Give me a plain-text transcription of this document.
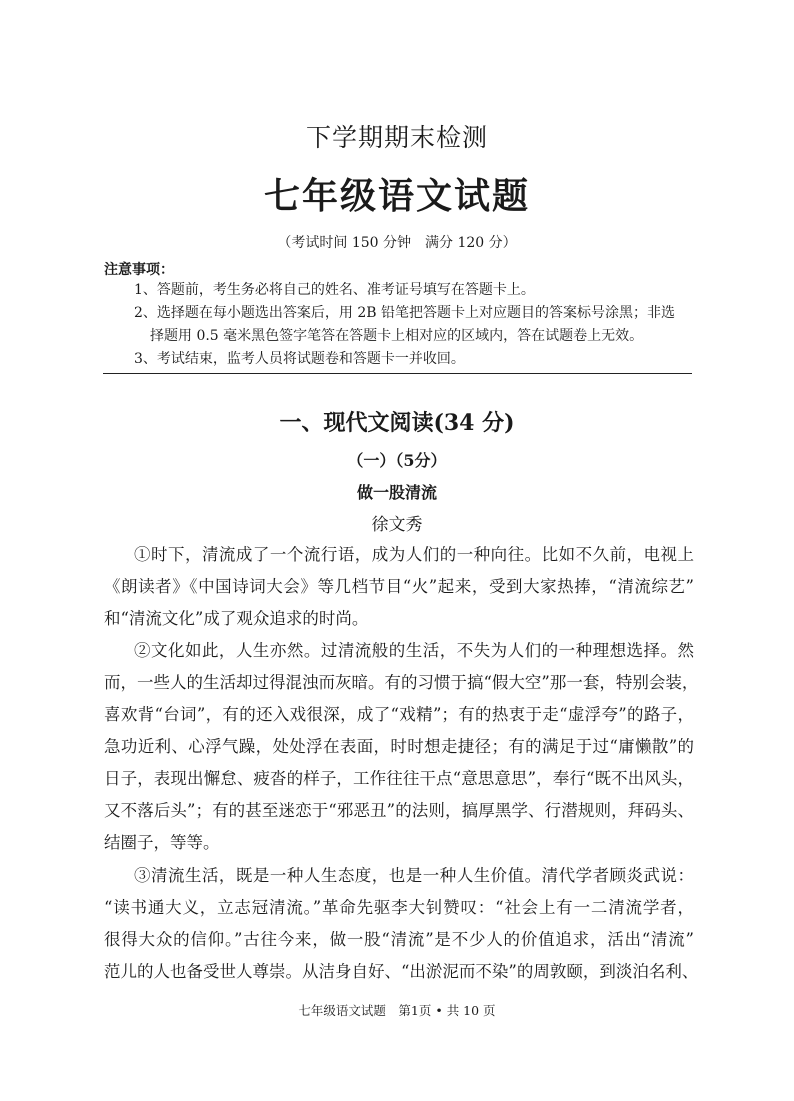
下学期期末检测
七年级语文试题
（考试时间 150 分钟　满分 120 分）
注意事项：
1、答题前，考生务必将自己的姓名、准考证号填写在答题卡上。
2、选择题在每小题选出答案后，用 2B 铅笔把答题卡上对应题目的答案标号涂黑；非选
择题用 0.5 毫米黑色签字笔答在答题卡上相对应的区域内，答在试题卷上无效。
3、考试结束，监考人员将试题卷和答题卡一并收回。
一、现代文阅读(34 分)
（一）（5分）
做一股清流
徐文秀
①时下，清流成了一个流行语，成为人们的一种向往。比如不久前，电视上
《朗读者》《中国诗词大会》等几档节目“火”起来，受到大家热捧，“清流综艺”
和“清流文化”成了观众追求的时尚。
②文化如此，人生亦然。过清流般的生活，不失为人们的一种理想选择。然
而，一些人的生活却过得混浊而灰暗。有的习惯于搞“假大空”那一套，特别会装，
喜欢背“台词”，有的还入戏很深，成了“戏精”；有的热衷于走“虚浮夸”的路子，
急功近利、心浮气躁，处处浮在表面，时时想走捷径；有的满足于过“庸懒散”的
日子，表现出懈怠、疲沓的样子，工作往往干点“意思意思”，奉行“既不出风头，
又不落后头”；有的甚至迷恋于“邪恶丑”的法则，搞厚黑学、行潜规则，拜码头、
结圈子，等等。
③清流生活，既是一种人生态度，也是一种人生价值。清代学者顾炎武说：
“读书通大义，立志冠清流。”革命先驱李大钊赞叹：“社会上有一二清流学者，
很得大众的信仰。”古往今来，做一股“清流”是不少人的价值追求，活出“清流”
范儿的人也备受世人尊崇。从洁身自好、“出淤泥而不染”的周敦颐，到淡泊名利、
七年级语文试题　第1页 • 共 10 页
